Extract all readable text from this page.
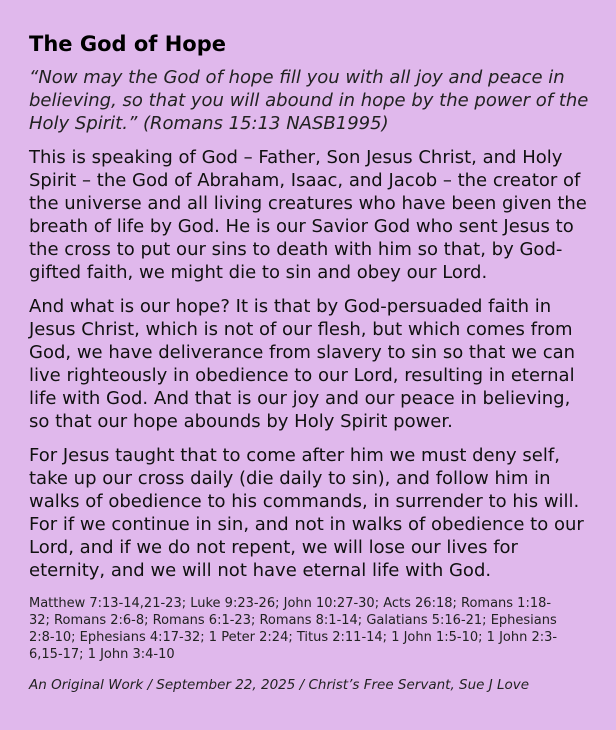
The God of Hope

“Now may the God of hope fill you with all joy and peace in believing, so that you will abound in hope by the power of the Holy Spirit.” (Romans 15:13 NASB1995)

This is speaking of God – Father, Son Jesus Christ, and Holy Spirit – the God of Abraham, Isaac, and Jacob – the creator of the universe and all living creatures who have been given the breath of life by God. He is our Savior God who sent Jesus to the cross to put our sins to death with him so that, by God-gifted faith, we might die to sin and obey our Lord.

And what is our hope? It is that by God-persuaded faith in Jesus Christ, which is not of our flesh, but which comes from God, we have deliverance from slavery to sin so that we can live righteously in obedience to our Lord, resulting in eternal life with God. And that is our joy and our peace in believing, so that our hope abounds by Holy Spirit power.

For Jesus taught that to come after him we must deny self, take up our cross daily (die daily to sin), and follow him in walks of obedience to his commands, in surrender to his will. For if we continue in sin, and not in walks of obedience to our Lord, and if we do not repent, we will lose our lives for eternity, and we will not have eternal life with God.

Matthew 7:13-14,21-23; Luke 9:23-26; John 10:27-30; Acts 26:18; Romans 1:18-32; Romans 2:6-8; Romans 6:1-23; Romans 8:1-14; Galatians 5:16-21; Ephesians 2:8-10; Ephesians 4:17-32; 1 Peter 2:24; Titus 2:11-14; 1 John 1:5-10; 1 John 2:3-6,15-17; 1 John 3:4-10

An Original Work / September 22, 2025 / Christ’s Free Servant, Sue J Love
